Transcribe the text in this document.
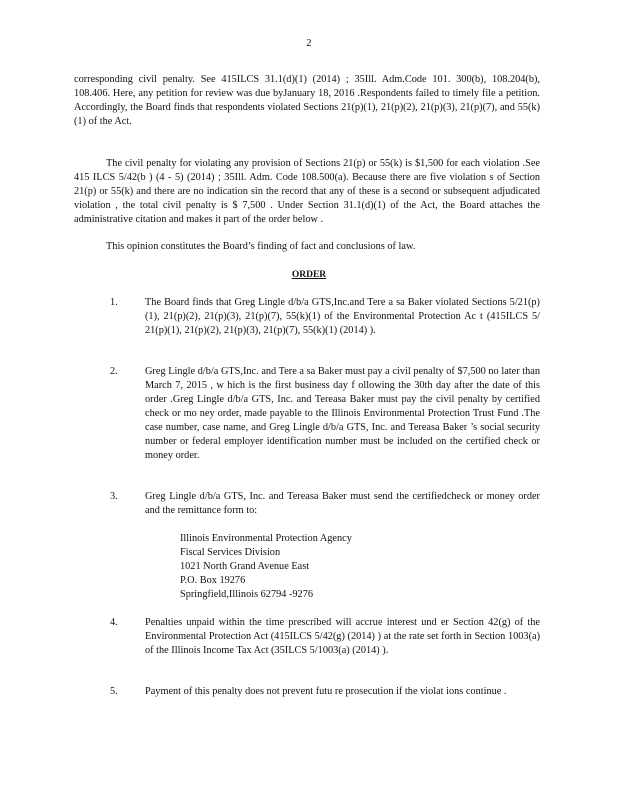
2

corresponding civil penalty. See 415ILCS 31.1(d)(1) (2014) ; 35Ill. Adm.Code 101. 300(b), 108.204(b), 108.406. Here, any petition for review was due byJanuary 18, 2016 .Respondents failed to timely file a petition. Accordingly, the Board finds that respondents violated Sections 21(p)(1), 21(p)(2), 21(p)(3), 21(p)(7), and 55(k)(1) of the Act.

The civil penalty for violating any provision of Sections 21(p) or 55(k) is $1,500 for each violation .See 415 ILCS 5/42(b ) (4 - 5) (2014) ; 35Ill. Adm. Code 108.500(a). Because there are five violation s of Section 21(p) or 55(k) and there are no indication sin the record that any of these is a second or subsequent adjudicated violation , the total civil penalty is $ 7,500 . Under Section 31.1(d)(1) of the Act, the Board attaches the administrative citation and makes it part of the order below .

This opinion constitutes the Board’s finding of fact and conclusions of law.

ORDER
1.	The Board finds that Greg Lingle d/b/a GTS,Inc.and Tere a sa Baker violated Sections 5/21(p)(1), 21(p)(2), 21(p)(3), 21(p)(7), 55(k)(1) of the Environmental Protection Ac t (415ILCS 5/ 21(p)(1), 21(p)(2), 21(p)(3), 21(p)(7), 55(k)(1) (2014) ).

2.	Greg Lingle d/b/a GTS,Inc. and Tere a sa Baker must pay a civil penalty of $7,500 no later than March 7, 2015 , w hich is the first business day f ollowing the 30th day after the date of this order .Greg Lingle d/b/a GTS, Inc. and Tereasa Baker must pay the civil penalty by certified check or mo ney order, made payable to the Illinois Environmental Protection Trust Fund .The case number, case name, and Greg Lingle d/b/a GTS, Inc. and Tereasa Baker ’s social security number or federal employer identification number must be included on the certified check or money order.

3.	Greg Lingle d/b/a GTS, Inc. and Tereasa Baker must send the certifiedcheck or money order and the remittance form to:

Illinois Environmental Protection Agency
Fiscal Services Division
1021 North Grand Avenue East
P.O. Box 19276
Springfield,Illinois 62794 -9276
4.	Penalties unpaid within the time prescribed will accrue interest und er Section 42(g) of the Environmental Protection Act (415ILCS 5/42(g) (2014) ) at the rate set forth in Section 1003(a) of the Illinois Income Tax Act (35ILCS 5/1003(a) (2014) ).

5.	Payment of this penalty does not prevent futu re prosecution if the violat ions continue .
